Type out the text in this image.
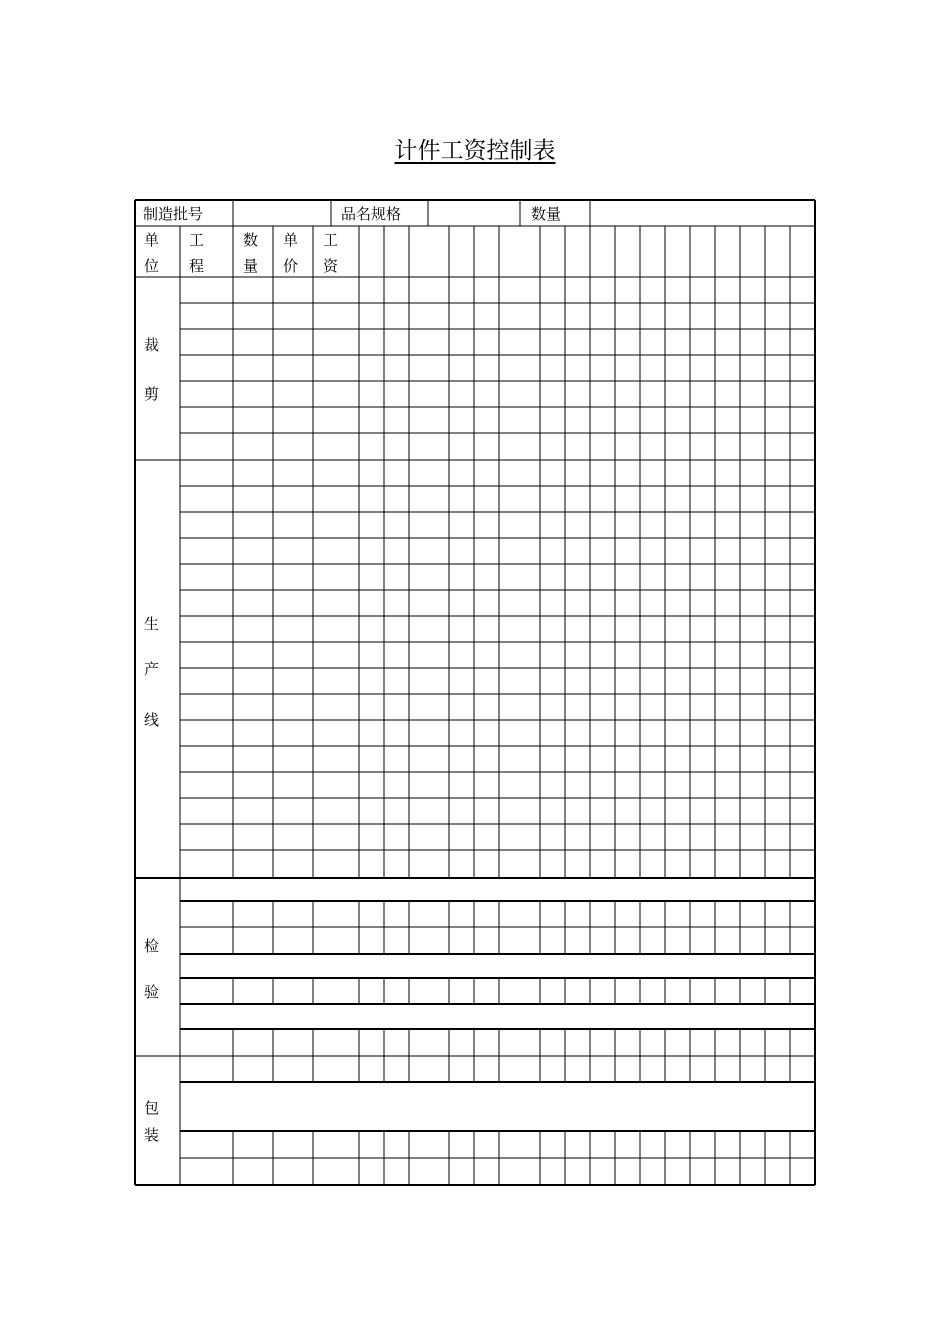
计件工资控制表
制造批号	品名规格	数量
单
位
工
程
数
量
单
价
工
资
裁
剪
生
产
线
检
验
包
装
